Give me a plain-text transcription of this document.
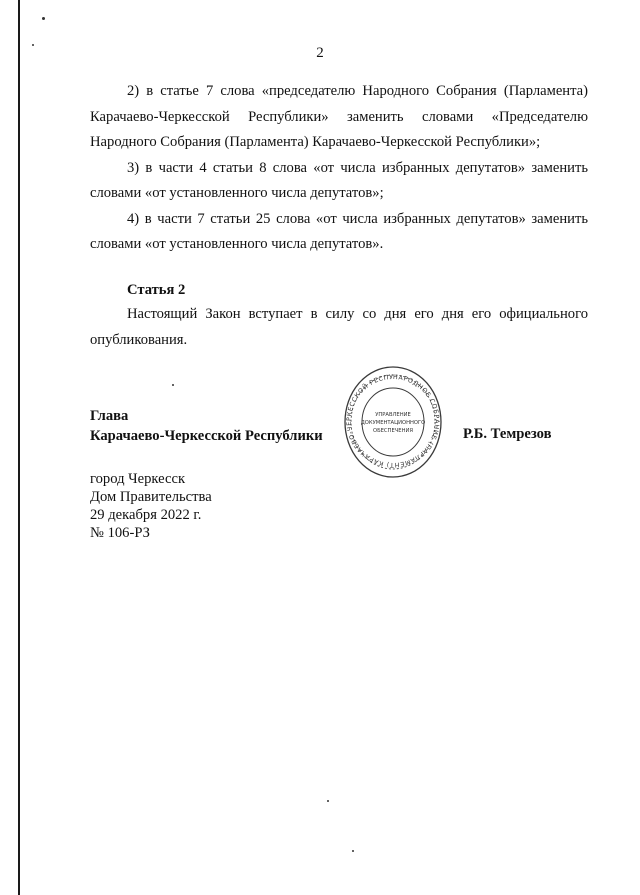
2

2) в статье 7 слова «председателю Народного Собрания (Парламента) Карачаево-Черкесской Республики» заменить словами «Председателю Народного Собрания (Парламента) Карачаево-Черкесской Республики»;

3) в части 4 статьи 8 слова «от числа избранных депутатов» заменить словами «от установленного числа депутатов»;

4) в части 7 статьи 25 слова «от числа избранных депутатов» заменить словами «от установленного числа депутатов».

Статья 2

Настоящий Закон вступает в силу со дня его дня его официального опубликования.

Глава
Карачаево-Черкесской Республики	Р.Б. Темрезов
НАРОДНОЕ СОБРАНИЕ (ПАРЛАМЕНТ) КАРАЧАЕВО-ЧЕРКЕССКОЙ РЕСПУ
УПРАВЛЕНИЕ
ДОКУМЕНТАЦИОННОГО
ОБЕСПЕЧЕНИЯ
город Черкесск
Дом Правительства
29 декабря 2022 г.
№ 106-РЗ
